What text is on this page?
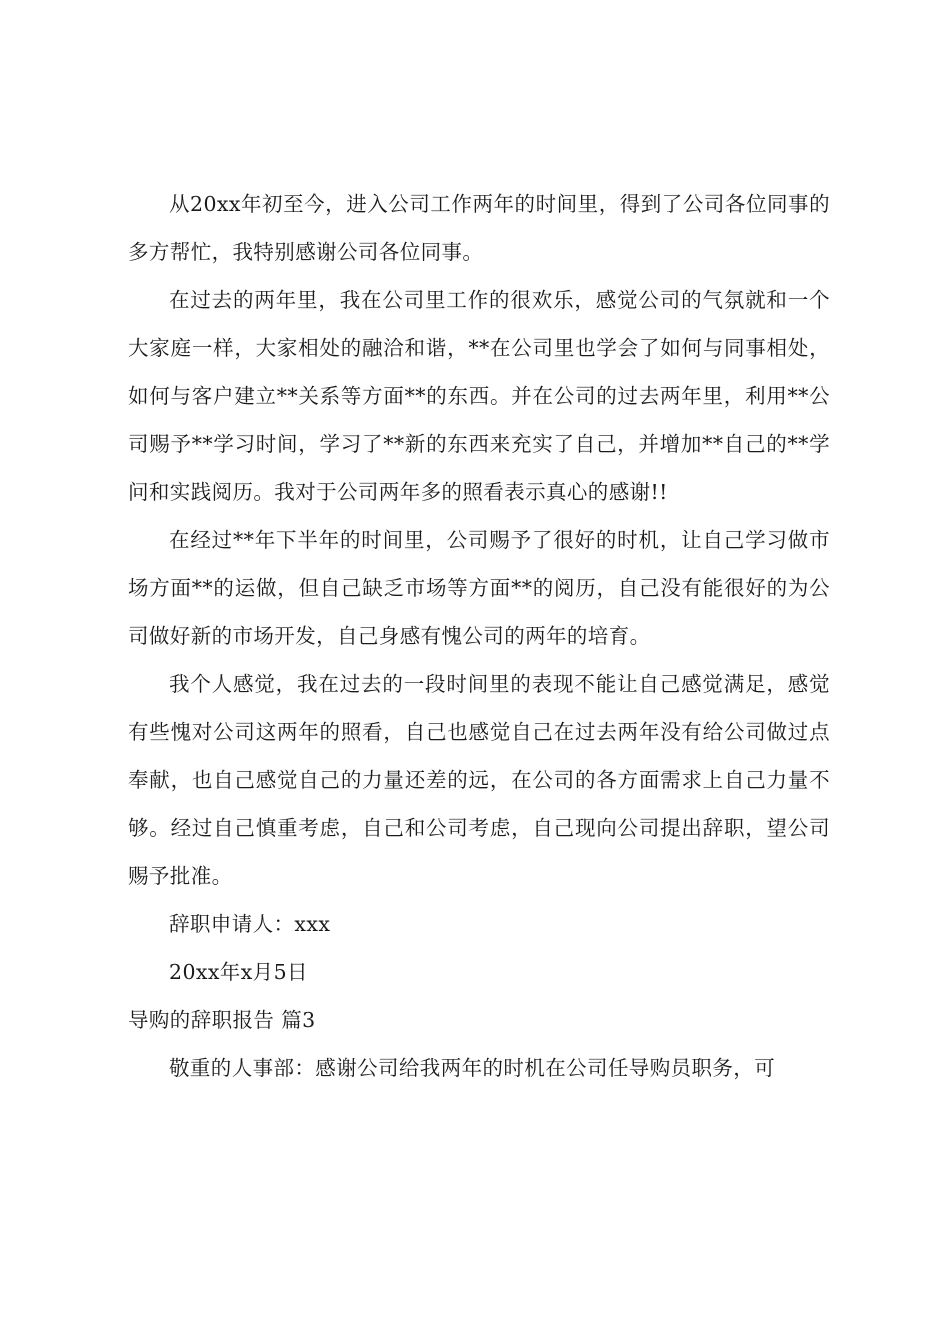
从20xx年初至今，进入公司工作两年的时间里，得到了公司各位同事的多方帮忙，我特别感谢公司各位同事。

在过去的两年里，我在公司里工作的很欢乐，感觉公司的气氛就和一个大家庭一样，大家相处的融洽和谐，**在公司里也学会了如何与同事相处，如何与客户建立**关系等方面**的东西。并在公司的过去两年里，利用**公司赐予**学习时间，学习了**新的东西来充实了自己，并增加**自己的**学问和实践阅历。我对于公司两年多的照看表示真心的感谢!!

在经过**年下半年的时间里，公司赐予了很好的时机，让自己学习做市场方面**的运做，但自己缺乏市场等方面**的阅历，自己没有能很好的为公司做好新的市场开发，自己身感有愧公司的两年的培育。

我个人感觉，我在过去的一段时间里的表现不能让自己感觉满足，感觉有些愧对公司这两年的照看，自己也感觉自己在过去两年没有给公司做过点奉献，也自己感觉自己的力量还差的远，在公司的各方面需求上自己力量不够。经过自己慎重考虑，自己和公司考虑，自己现向公司提出辞职，望公司赐予批准。

辞职申请人：xxx

20xx年x月5日

导购的辞职报告 篇3

敬重的人事部：感谢公司给我两年的时机在公司任导购员职务，可
